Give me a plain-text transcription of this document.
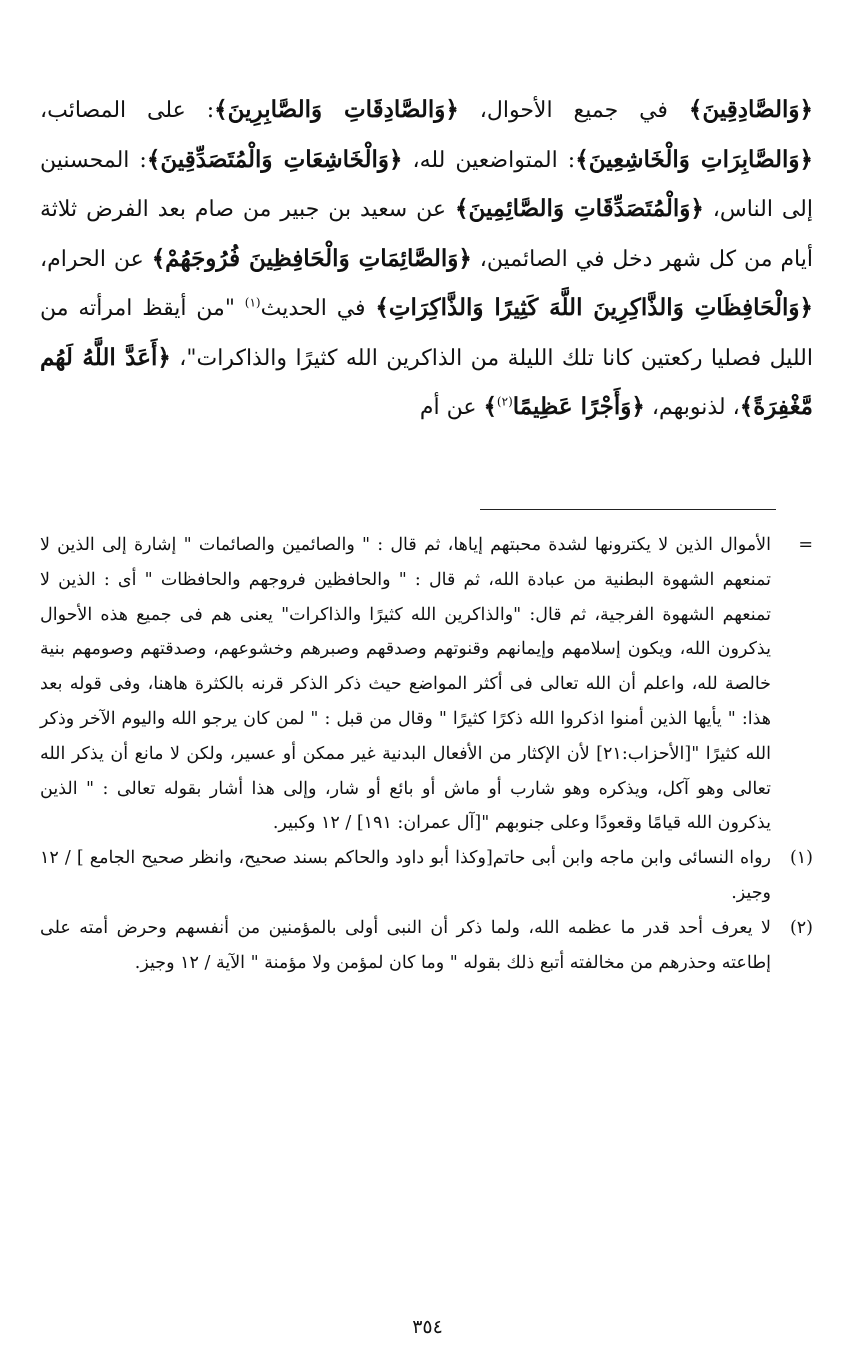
﴿وَالصَّادِقِينَ﴾ في جميع الأحوال، ﴿وَالصَّادِقَاتِ وَالصَّابِرِينَ﴾: على المصائب، ﴿وَالصَّابِرَاتِ وَالْخَاشِعِينَ﴾: المتواضعين لله، ﴿وَالْخَاشِعَاتِ وَالْمُتَصَدِّقِينَ﴾: المحسنين إلى الناس، ﴿وَالْمُتَصَدِّقَاتِ وَالصَّائِمِينَ﴾ عن سعيد بن جبير من صام بعد الفرض ثلاثة أيام من كل شهر دخل في الصائمين، ﴿وَالصَّائِمَاتِ وَالْحَافِظِينَ فُرُوجَهُمْ﴾ عن الحرام، ﴿وَالْحَافِظَاتِ وَالذَّاكِرِينَ اللَّهَ كَثِيرًا وَالذَّاكِرَاتِ﴾ في الحديث$^{(١)}$ "من أيقظ امرأته من الليل فصليا ركعتين كانا تلك الليلة من الذاكرين الله كثيرًا والذاكرات"، ﴿أَعَدَّ اللَّهُ لَهُم مَّغْفِرَةً﴾، لذنوبهم، ﴿وَأَجْرًا عَظِيمًا$^{(٢)}$﴾ عن أم

=
الأموال الذين لا يكترونها لشدة محبتهم إياها، ثم قال : " والصائمين والصائمات " إشارة إلى الذين لا تمنعهم الشهوة البطنية من عبادة الله، ثم قال : " والحافظين فروجهم والحافظات " أى : الذين لا تمنعهم الشهوة الفرجية، ثم قال: "والذاكرين الله كثيرًا والذاكرات" يعنى هم فى جميع هذه الأحوال يذكرون الله، ويكون إسلامهم وإيمانهم وقنوتهم وصدقهم وصبرهم وخشوعهم، وصدقتهم وصومهم بنية خالصة لله، واعلم أن الله تعالى فى أكثر المواضع حيث ذكر الذكر قرنه بالكثرة هاهنا، وفى قوله بعد هذا: " يأيها الذين أمنوا اذكروا الله ذكرًا كثيرًا " وقال من قبل : " لمن كان يرجو الله واليوم الآخر وذكر الله كثيرًا "[الأحزاب:٢١] لأن الإكثار من الأفعال البدنية غير ممكن أو عسير، ولكن لا مانع أن يذكر الله تعالى وهو آكل، ويذكره وهو شارب أو ماش أو بائع أو شار، وإلى هذا أشار بقوله تعالى : " الذين يذكرون الله قيامًا وقعودًا وعلى جنوبهم "[آل عمران: ١٩١] / ١٢ وكبير.

(١)
رواه النسائى وابن ماجه وابن أبى حاتم[وكذا أبو داود والحاكم بسند صحيح، وانظر صحيح الجامع ] / ١٢ وجيز.

(٢)
لا يعرف أحد قدر ما عظمه الله، ولما ذكر أن النبى أولى بالمؤمنين من أنفسهم وحرض أمته على إطاعته وحذرهم من مخالفته أتبع ذلك بقوله " وما كان لمؤمن ولا مؤمنة " الآية / ١٢ وجيز.

٣٥٤
